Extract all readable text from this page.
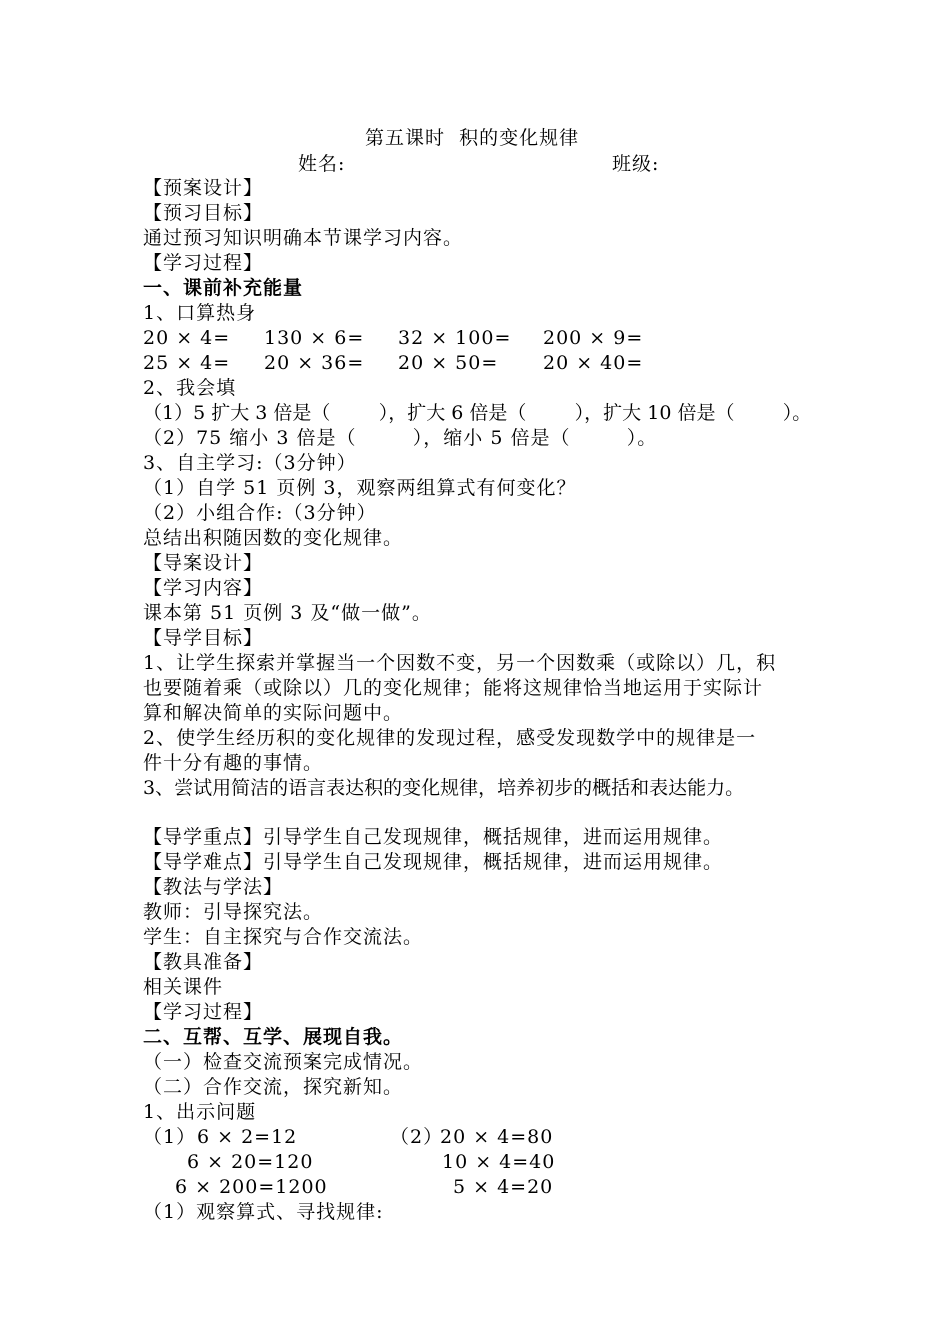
第五课时  积的变化规律
姓名:	班级:
【预案设计】
【预习目标】
通过预习知识明确本节课学习内容。
【学习过程】
一、课前补充能量
1、口算热身
20 × 4= 130 × 6= 32 × 100= 200 × 9=
25 × 4= 20 × 36= 20 × 50= 20 × 40=
2、我会填
（1）5 扩大 3 倍是（        ），扩大 6 倍是（        ），扩大 10 倍是（        ）。
（2）75 缩小 3 倍是（        ），缩小 5 倍是（        ）。
3、自主学习:（3分钟）
（1）自学 51 页例 3，观察两组算式有何变化？
（2）小组合作:（3分钟）
总结出积随因数的变化规律。
【导案设计】
【学习内容】
课本第 51 页例 3 及“做一做”。
【导学目标】
1、让学生探索并掌握当一个因数不变，另一个因数乘（或除以）几，积
也要随着乘（或除以）几的变化规律；能将这规律恰当地运用于实际计
算和解决简单的实际问题中。
2、使学生经历积的变化规律的发现过程，感受发现数学中的规律是一
件十分有趣的事情。
3、尝试用简洁的语言表达积的变化规律，培养初步的概括和表达能力。
【导学重点】引导学生自己发现规律，概括规律，进而运用规律。
【导学难点】引导学生自己发现规律，概括规律，进而运用规律。
【教法与学法】
教师：引导探究法。
学生：自主探究与合作交流法。
【教具准备】
相关课件
【学习过程】
二、互帮、互学、展现自我。
（一）检查交流预案完成情况。
（二）合作交流，探究新知。
1、出示问题
（1） 6 × 2=12
6 × 20=120
6 × 200=1200
（2）
20 × 4=80
10 × 4=40
5 × 4=20
（1）观察算式、寻找规律:
